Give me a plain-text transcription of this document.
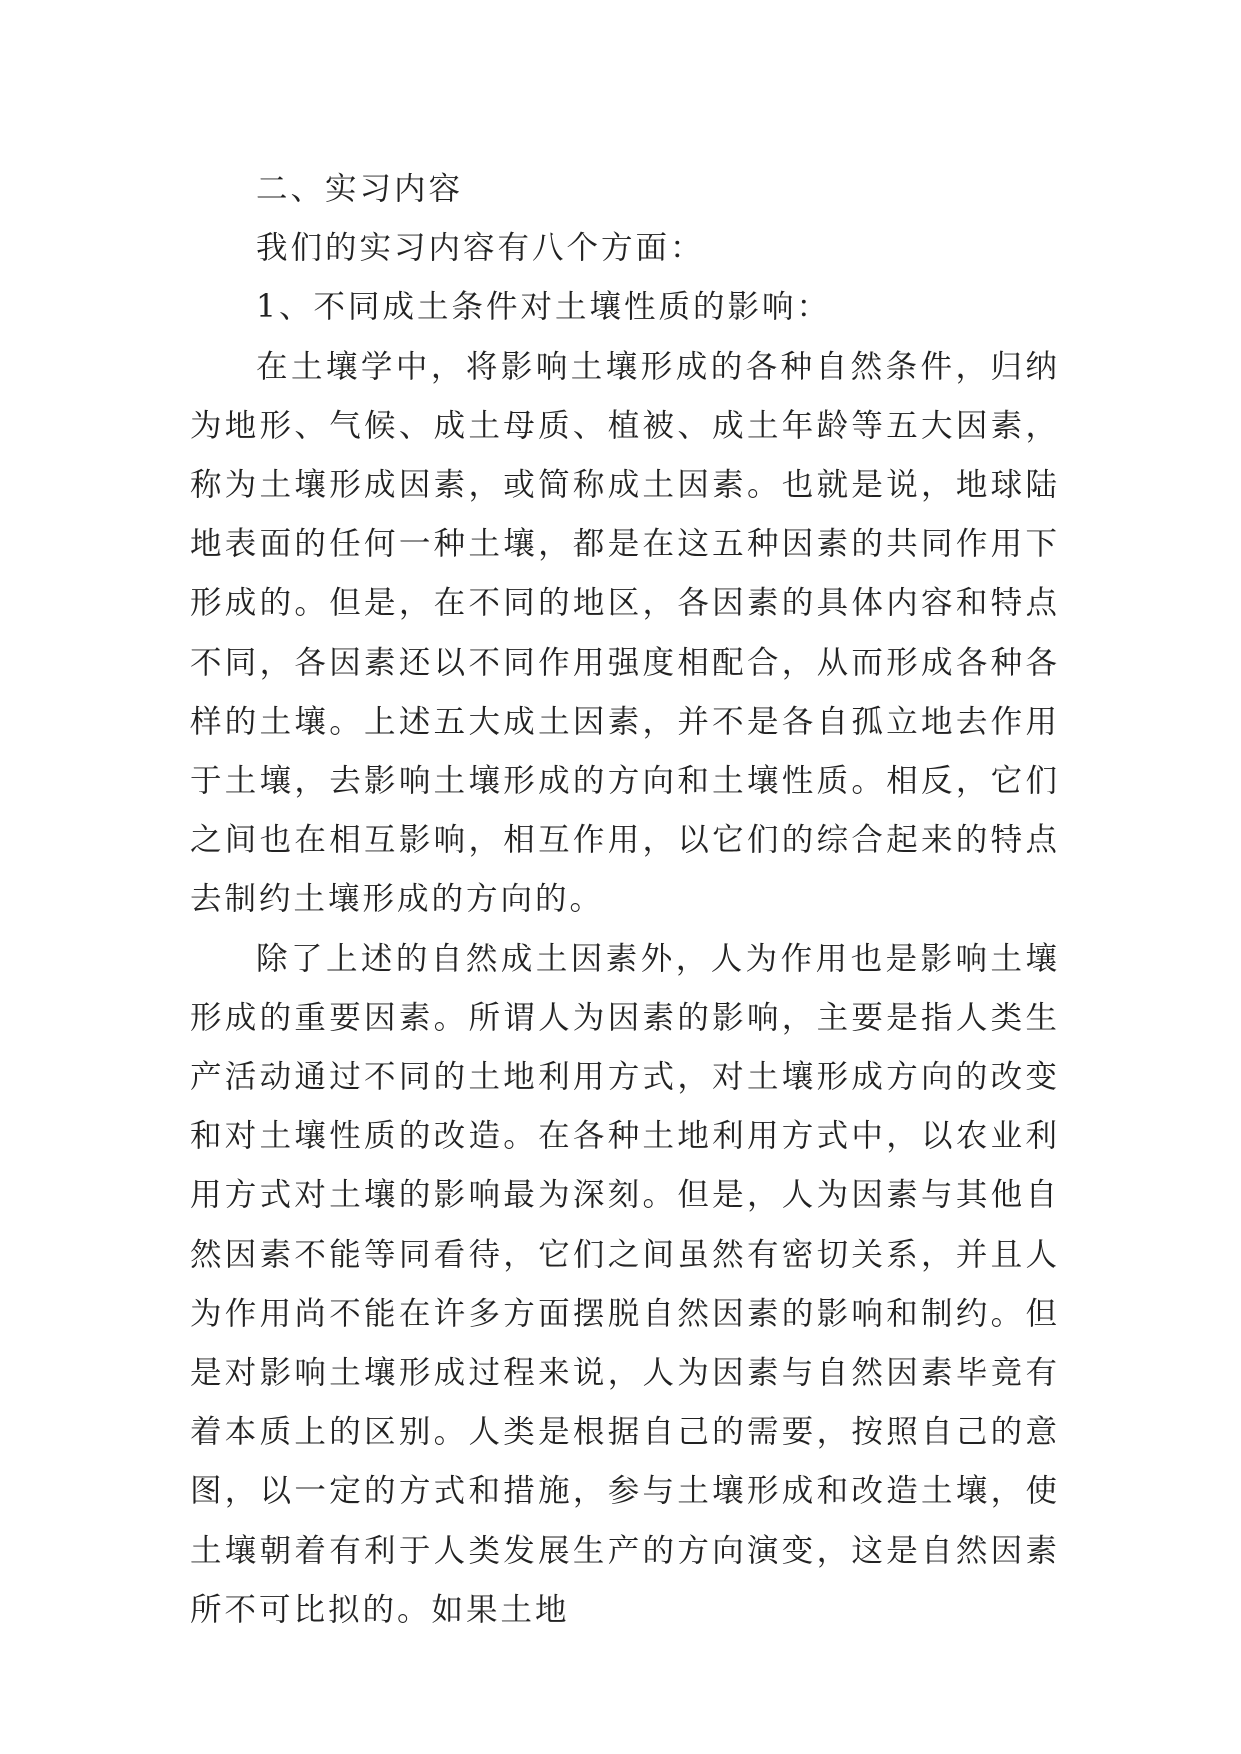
二、实习内容

我们的实习内容有八个方面：

1、不同成土条件对土壤性质的影响：

在土壤学中，将影响土壤形成的各种自然条件，归纳为地形、气候、成土母质、植被、成土年龄等五大因素，称为土壤形成因素，或简称成土因素。也就是说，地球陆地表面的任何一种土壤，都是在这五种因素的共同作用下形成的。但是，在不同的地区，各因素的具体内容和特点不同，各因素还以不同作用强度相配合，从而形成各种各样的土壤。上述五大成土因素，并不是各自孤立地去作用于土壤，去影响土壤形成的方向和土壤性质。相反，它们之间也在相互影响，相互作用，以它们的综合起来的特点去制约土壤形成的方向的。

除了上述的自然成土因素外，人为作用也是影响土壤形成的重要因素。所谓人为因素的影响，主要是指人类生产活动通过不同的土地利用方式，对土壤形成方向的改变和对土壤性质的改造。在各种土地利用方式中，以农业利用方式对土壤的影响最为深刻。但是，人为因素与其他自然因素不能等同看待，它们之间虽然有密切关系，并且人为作用尚不能在许多方面摆脱自然因素的影响和制约。但是对影响土壤形成过程来说，人为因素与自然因素毕竟有着本质上的区别。人类是根据自己的需要，按照自己的意图，以一定的方式和措施，参与土壤形成和改造土壤，使土壤朝着有利于人类发展生产的方向演变，这是自然因素所不可比拟的。如果土地
